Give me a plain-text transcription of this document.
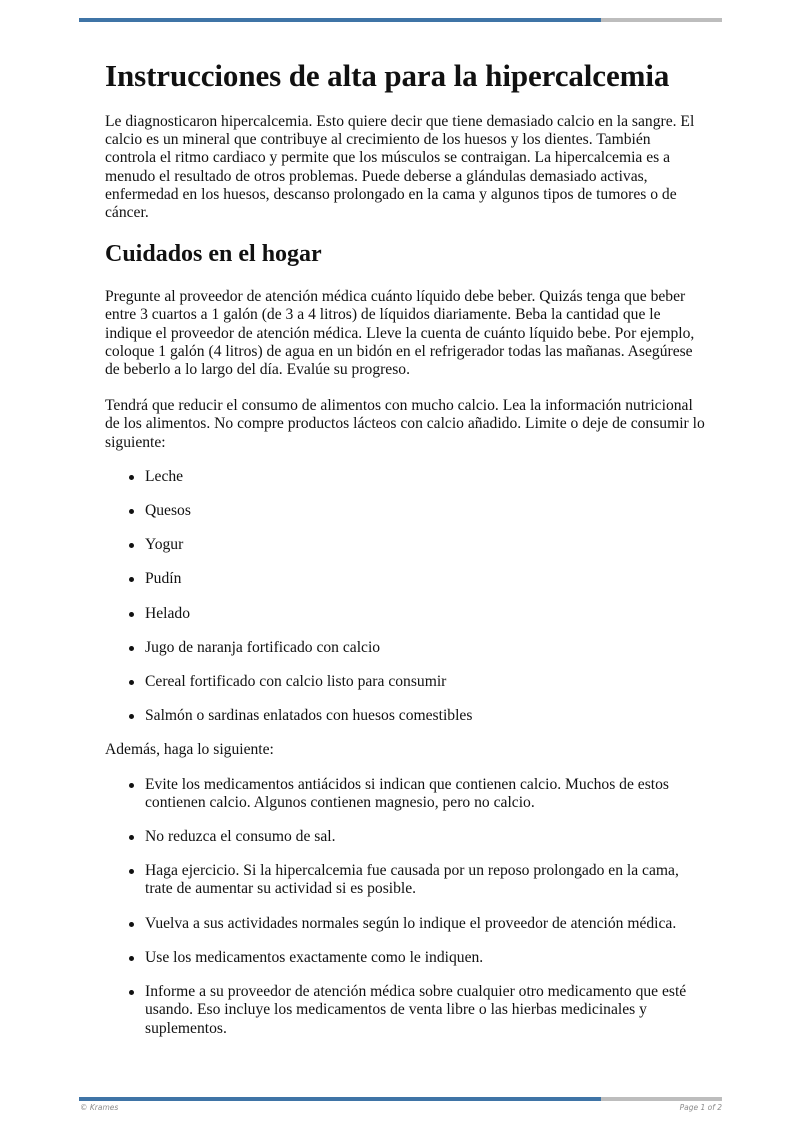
Instrucciones de alta para la hipercalcemia

Le diagnosticaron hipercalcemia. Esto quiere decir que tiene demasiado calcio en la sangre. El calcio es un mineral que contribuye al crecimiento de los huesos y los dientes. También controla el ritmo cardiaco y permite que los músculos se contraigan. La hipercalcemia es a menudo el resultado de otros problemas. Puede deberse a glándulas demasiado activas, enfermedad en los huesos, descanso prolongado en la cama y algunos tipos de tumores o de cáncer.

Cuidados en el hogar

Pregunte al proveedor de atención médica cuánto líquido debe beber. Quizás tenga que beber entre 3 cuartos a 1 galón (de 3 a 4 litros) de líquidos diariamente. Beba la cantidad que le indique el proveedor de atención médica. Lleve la cuenta de cuánto líquido bebe. Por ejemplo, coloque 1 galón (4 litros) de agua en un bidón en el refrigerador todas las mañanas. Asegúrese de beberlo a lo largo del día. Evalúe su progreso.

Tendrá que reducir el consumo de alimentos con mucho calcio. Lea la información nutricional de los alimentos. No compre productos lácteos con calcio añadido. Limite o deje de consumir lo siguiente:

Leche
Quesos
Yogur
Pudín
Helado
Jugo de naranja fortificado con calcio
Cereal fortificado con calcio listo para consumir
Salmón o sardinas enlatados con huesos comestibles

Además, haga lo siguiente:

Evite los medicamentos antiácidos si indican que contienen calcio. Muchos de estos contienen calcio. Algunos contienen magnesio, pero no calcio.
No reduzca el consumo de sal.
Haga ejercicio. Si la hipercalcemia fue causada por un reposo prolongado en la cama, trate de aumentar su actividad si es posible.
Vuelva a sus actividades normales según lo indique el proveedor de atención médica.
Use los medicamentos exactamente como le indiquen.
Informe a su proveedor de atención médica sobre cualquier otro medicamento que esté usando. Eso incluye los medicamentos de venta libre o las hierbas medicinales y suplementos.
© Krames	Page 1 of 2
